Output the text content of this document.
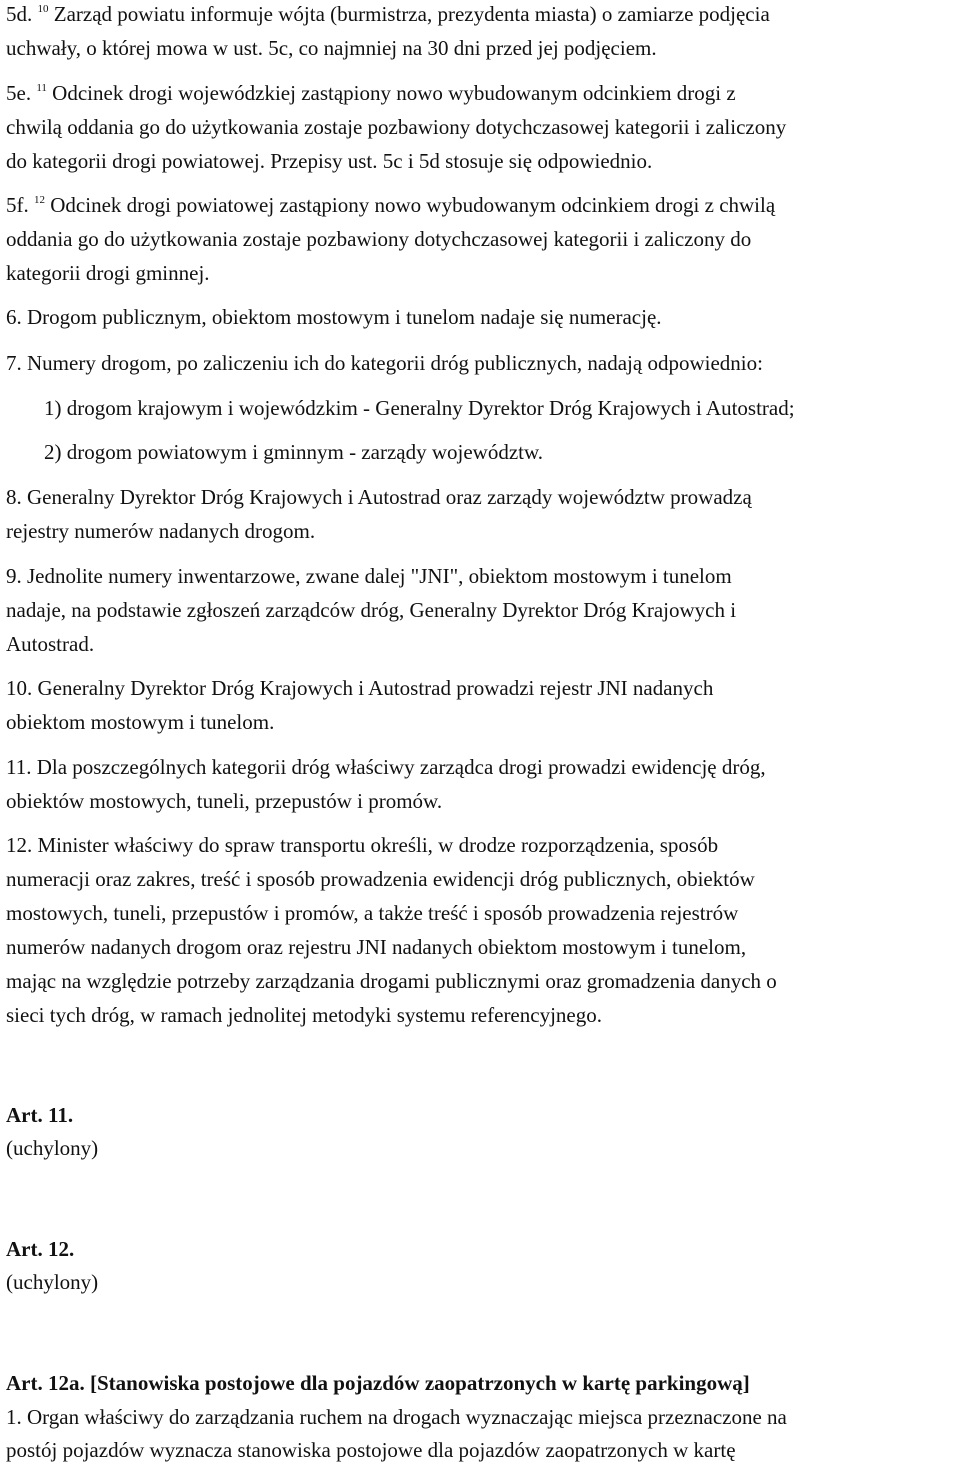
5d. $^{10}$ Zarząd powiatu informuje wójta (burmistrza, prezydenta miasta) o zamiarze podjęcia
uchwały, o której mowa w ust. 5c, co najmniej na 30 dni przed jej podjęciem.
5e. $^{11}$ Odcinek drogi wojewódzkiej zastąpiony nowo wybudowanym odcinkiem drogi z
chwilą oddania go do użytkowania zostaje pozbawiony dotychczasowej kategorii i zaliczony
do kategorii drogi powiatowej. Przepisy ust. 5c i 5d stosuje się odpowiednio.
5f. $^{12}$ Odcinek drogi powiatowej zastąpiony nowo wybudowanym odcinkiem drogi z chwilą
oddania go do użytkowania zostaje pozbawiony dotychczasowej kategorii i zaliczony do
kategorii drogi gminnej.
6. Drogom publicznym, obiektom mostowym i tunelom nadaje się numerację.
7. Numery drogom, po zaliczeniu ich do kategorii dróg publicznych, nadają odpowiednio:
1) drogom krajowym i wojewódzkim - Generalny Dyrektor Dróg Krajowych i Autostrad;
2) drogom powiatowym i gminnym - zarządy województw.
8. Generalny Dyrektor Dróg Krajowych i Autostrad oraz zarządy województw prowadzą
rejestry numerów nadanych drogom.
9. Jednolite numery inwentarzowe, zwane dalej "JNI", obiektom mostowym i tunelom
nadaje, na podstawie zgłoszeń zarządców dróg, Generalny Dyrektor Dróg Krajowych i
Autostrad.
10. Generalny Dyrektor Dróg Krajowych i Autostrad prowadzi rejestr JNI nadanych
obiektom mostowym i tunelom.
11. Dla poszczególnych kategorii dróg właściwy zarządca drogi prowadzi ewidencję dróg,
obiektów mostowych, tuneli, przepustów i promów.
12. Minister właściwy do spraw transportu określi, w drodze rozporządzenia, sposób
numeracji oraz zakres, treść i sposób prowadzenia ewidencji dróg publicznych, obiektów
mostowych, tuneli, przepustów i promów, a także treść i sposób prowadzenia rejestrów
numerów nadanych drogom oraz rejestru JNI nadanych obiektom mostowym i tunelom,
mając na względzie potrzeby zarządzania drogami publicznymi oraz gromadzenia danych o
sieci tych dróg, w ramach jednolitej metodyki systemu referencyjnego.
Art. 11.
(uchylony)
Art. 12.
(uchylony)
Art. 12a. [Stanowiska postojowe dla pojazdów zaopatrzonych w kartę parkingową]
1. Organ właściwy do zarządzania ruchem na drogach wyznaczając miejsca przeznaczone na
postój pojazdów wyznacza stanowiska postojowe dla pojazdów zaopatrzonych w kartę
